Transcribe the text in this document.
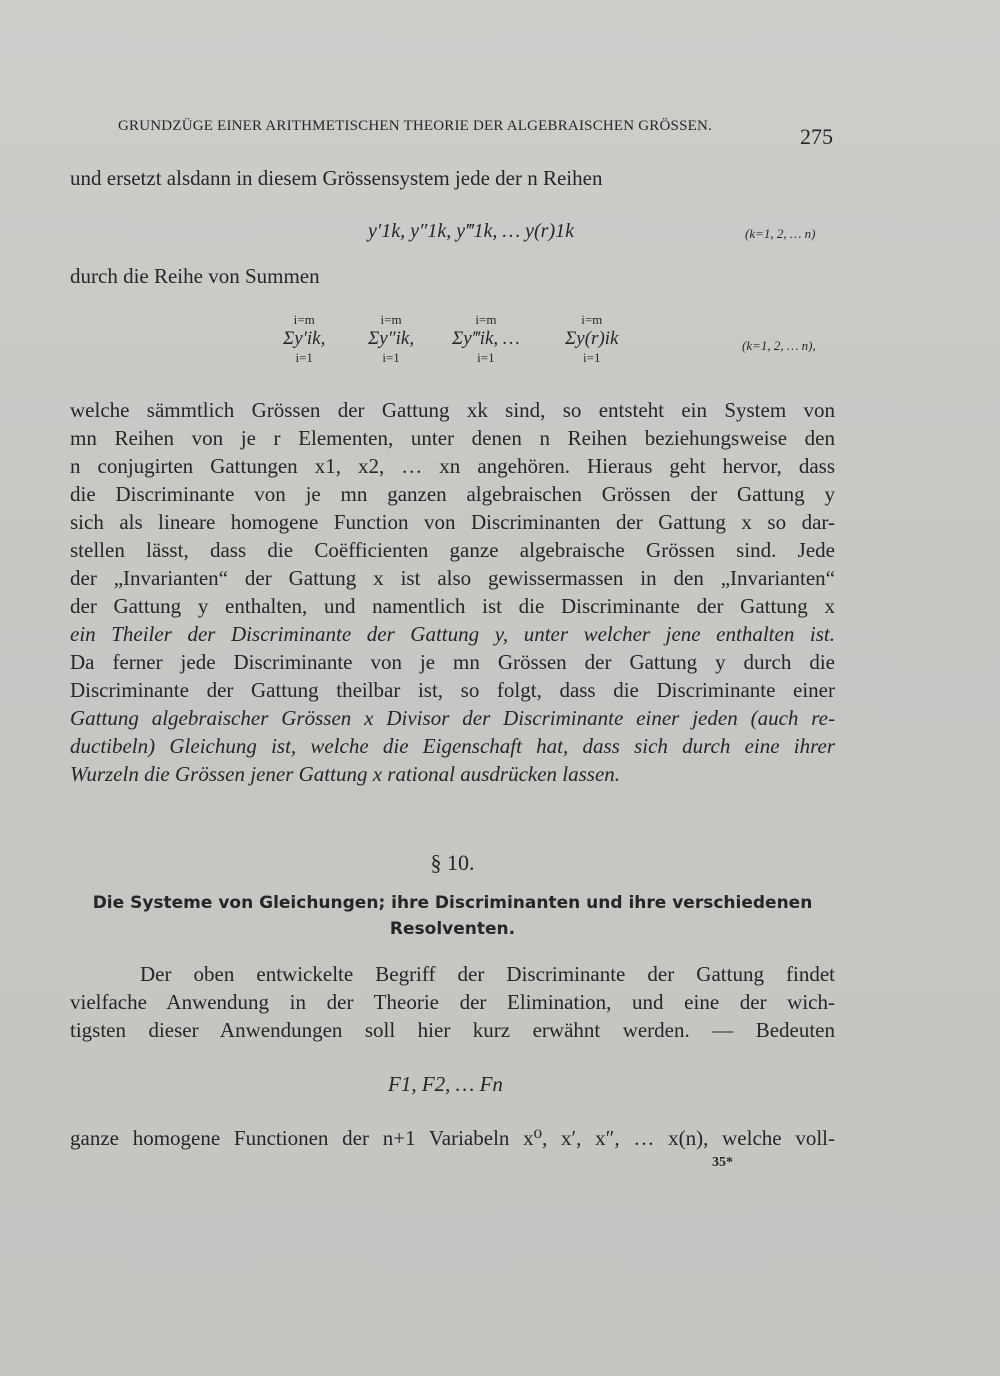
GRUNDZÜGE EINER ARITHMETISCHEN THEORIE DER ALGEBRAISCHEN GRÖSSEN.	275
und ersetzt alsdann in diesem Grössensystem jede der n Reihen
y′1k, y″1k, y‴1k, … y(r)1k	(k=1, 2, … n)
durch die Reihe von Summen
i=m
Σy′ik,
i=1
i=m
Σy″ik,
i=1
i=m
Σy‴ik, …
i=1
i=m
Σy(r)ik
i=1
(k=1, 2, … n),
welche sämmtlich Grössen der Gattung xk sind, so entsteht ein System von
mn Reihen von je r Elementen, unter denen n Reihen beziehungsweise den
n conjugirten Gattungen x1, x2, … xn angehören. Hieraus geht hervor, dass
die Discriminante von je mn ganzen algebraischen Grössen der Gattung y
sich als lineare homogene Function von Discriminanten der Gattung x so dar-
stellen lässt, dass die Coëfficienten ganze algebraische Grössen sind. Jede
der „Invarianten“ der Gattung x ist also gewissermassen in den „Invarianten“
der Gattung y enthalten, und namentlich ist die Discriminante der Gattung x
ein Theiler der Discriminante der Gattung y, unter welcher jene enthalten ist.
Da ferner jede Discriminante von je mn Grössen der Gattung y durch die
Discriminante der Gattung theilbar ist, so folgt, dass die Discriminante einer
Gattung algebraischer Grössen x Divisor der Discriminante einer jeden (auch re-
ductibeln) Gleichung ist, welche die Eigenschaft hat, dass sich durch eine ihrer
Wurzeln die Grössen jener Gattung x rational ausdrücken lassen.
§ 10.
Die Systeme von Gleichungen; ihre Discriminanten und ihre verschiedenen
Resolventen.
Der oben entwickelte Begriff der Discriminante der Gattung findet
vielfache Anwendung in der Theorie der Elimination, und eine der wich-
tigsten dieser Anwendungen soll hier kurz erwähnt werden. — Bedeuten
F1, F2, … Fn
ganze homogene Functionen der n+1 Variabeln x⁰, x′, x″, … x(n), welche voll-
35*
